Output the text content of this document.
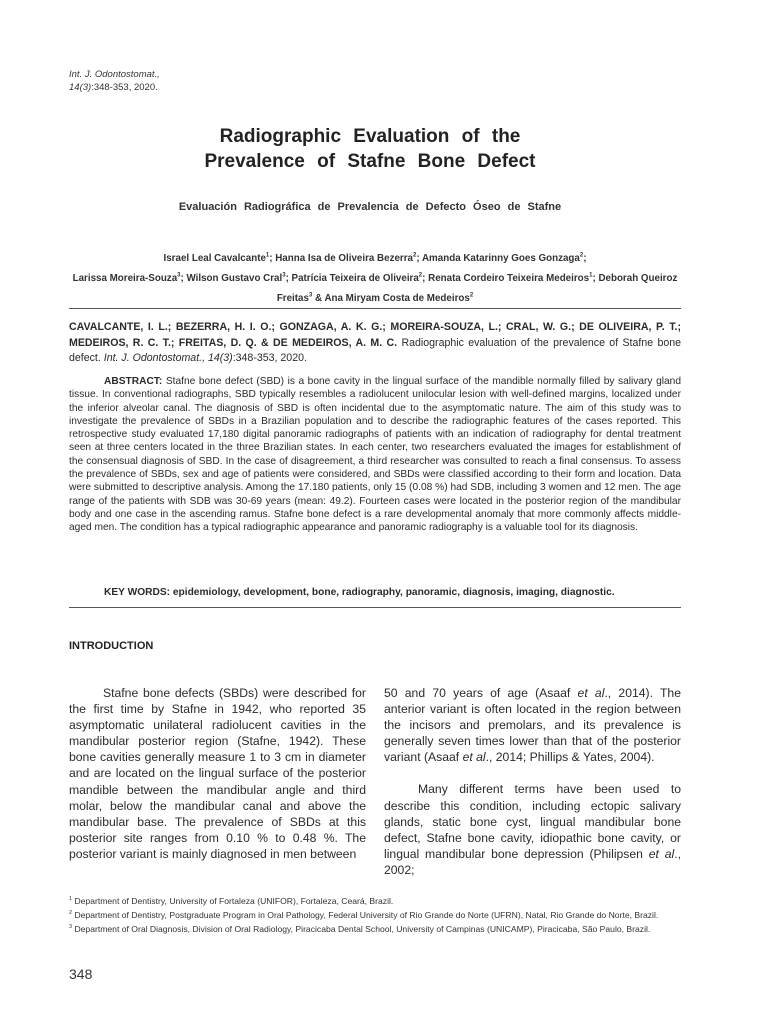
Int. J. Odontostomat.,
14(3):348-353, 2020.
Radiographic Evaluation of the
Prevalence of Stafne Bone Defect
Evaluación Radiográfica de Prevalencia de Defecto Óseo de Stafne
Israel Leal Cavalcante$^1$; Hanna Isa de Oliveira Bezerra$^2$; Amanda Katarinny Goes Gonzaga$^2$;
Larissa Moreira-Souza$^3$; Wilson Gustavo Cral$^3$; Patrícia Teixeira de Oliveira$^2$; Renata Cordeiro Teixeira Medeiros$^1$; Deborah Queiroz Freitas$^3$ & Ana Miryam Costa de Medeiros$^2$
CAVALCANTE, I. L.; BEZERRA, H. I. O.; GONZAGA, A. K. G.; MOREIRA-SOUZA, L.; CRAL, W. G.; DE OLIVEIRA, P. T.; MEDEIROS, R. C. T.; FREITAS, D. Q. & DE MEDEIROS, A. M. C. Radiographic evaluation of the prevalence of Stafne bone defect. Int. J. Odontostomat., 14(3):348-353, 2020.
ABSTRACT: Stafne bone defect (SBD) is a bone cavity in the lingual surface of the mandible normally filled by salivary gland tissue. In conventional radiographs, SBD typically resembles a radiolucent unilocular lesion with well-defined margins, localized under the inferior alveolar canal. The diagnosis of SBD is often incidental due to the asymptomatic nature. The aim of this study was to investigate the prevalence of SBDs in a Brazilian population and to describe the radiographic features of the cases reported. This retrospective study evaluated 17,180 digital panoramic radiographs of patients with an indication of radiography for dental treatment seen at three centers located in the three Brazilian states. In each center, two researchers evaluated the images for establishment of the consensual diagnosis of SBD. In the case of disagreement, a third researcher was consulted to reach a final consensus. To assess the prevalence of SBDs, sex and age of patients were considered, and SBDs were classified according to their form and location. Data were submitted to descriptive analysis. Among the 17.180 patients, only 15 (0.08 %) had SDB, including 3 women and 12 men. The age range of the patients with SDB was 30-69 years (mean: 49.2). Fourteen cases were located in the posterior region of the mandibular body and one case in the ascending ramus. Stafne bone defect is a rare developmental anomaly that more commonly affects middle-aged men. The condition has a typical radiographic appearance and panoramic radiography is a valuable tool for its diagnosis.
KEY WORDS: epidemiology, development, bone, radiography, panoramic, diagnosis, imaging, diagnostic.
INTRODUCTION

Stafne bone defects (SBDs) were described for the first time by Stafne in 1942, who reported 35 asymptomatic unilateral radiolucent cavities in the mandibular posterior region (Stafne, 1942). These bone cavities generally measure 1 to 3 cm in diameter and are located on the lingual surface of the posterior mandible between the mandibular angle and third molar, below the mandibular canal and above the mandibular base. The prevalence of SBDs at this posterior site ranges from 0.10 % to 0.48 %. The posterior variant is mainly diagnosed in men between

50 and 70 years of age (Asaaf et al., 2014). The anterior variant is often located in the region between the incisors and premolars, and its prevalence is generally seven times lower than that of the posterior variant (Asaaf et al., 2014; Phillips & Yates, 2004).

Many different terms have been used to describe this condition, including ectopic salivary glands, static bone cyst, lingual mandibular bone defect, Stafne bone cavity, idiopathic bone cavity, or lingual mandibular bone depression (Philipsen et al., 2002;

$^1$ Department of Dentistry, University of Fortaleza (UNIFOR), Fortaleza, Ceará, Brazil.
$^2$ Department of Dentistry, Postgraduate Program in Oral Pathology, Federal University of Rio Grande do Norte (UFRN), Natal, Rio Grande do Norte, Brazil.
$^3$ Department of Oral Diagnosis, Division of Oral Radiology, Piracicaba Dental School, University of Campinas (UNICAMP), Piracicaba, São Paulo, Brazil.
348
